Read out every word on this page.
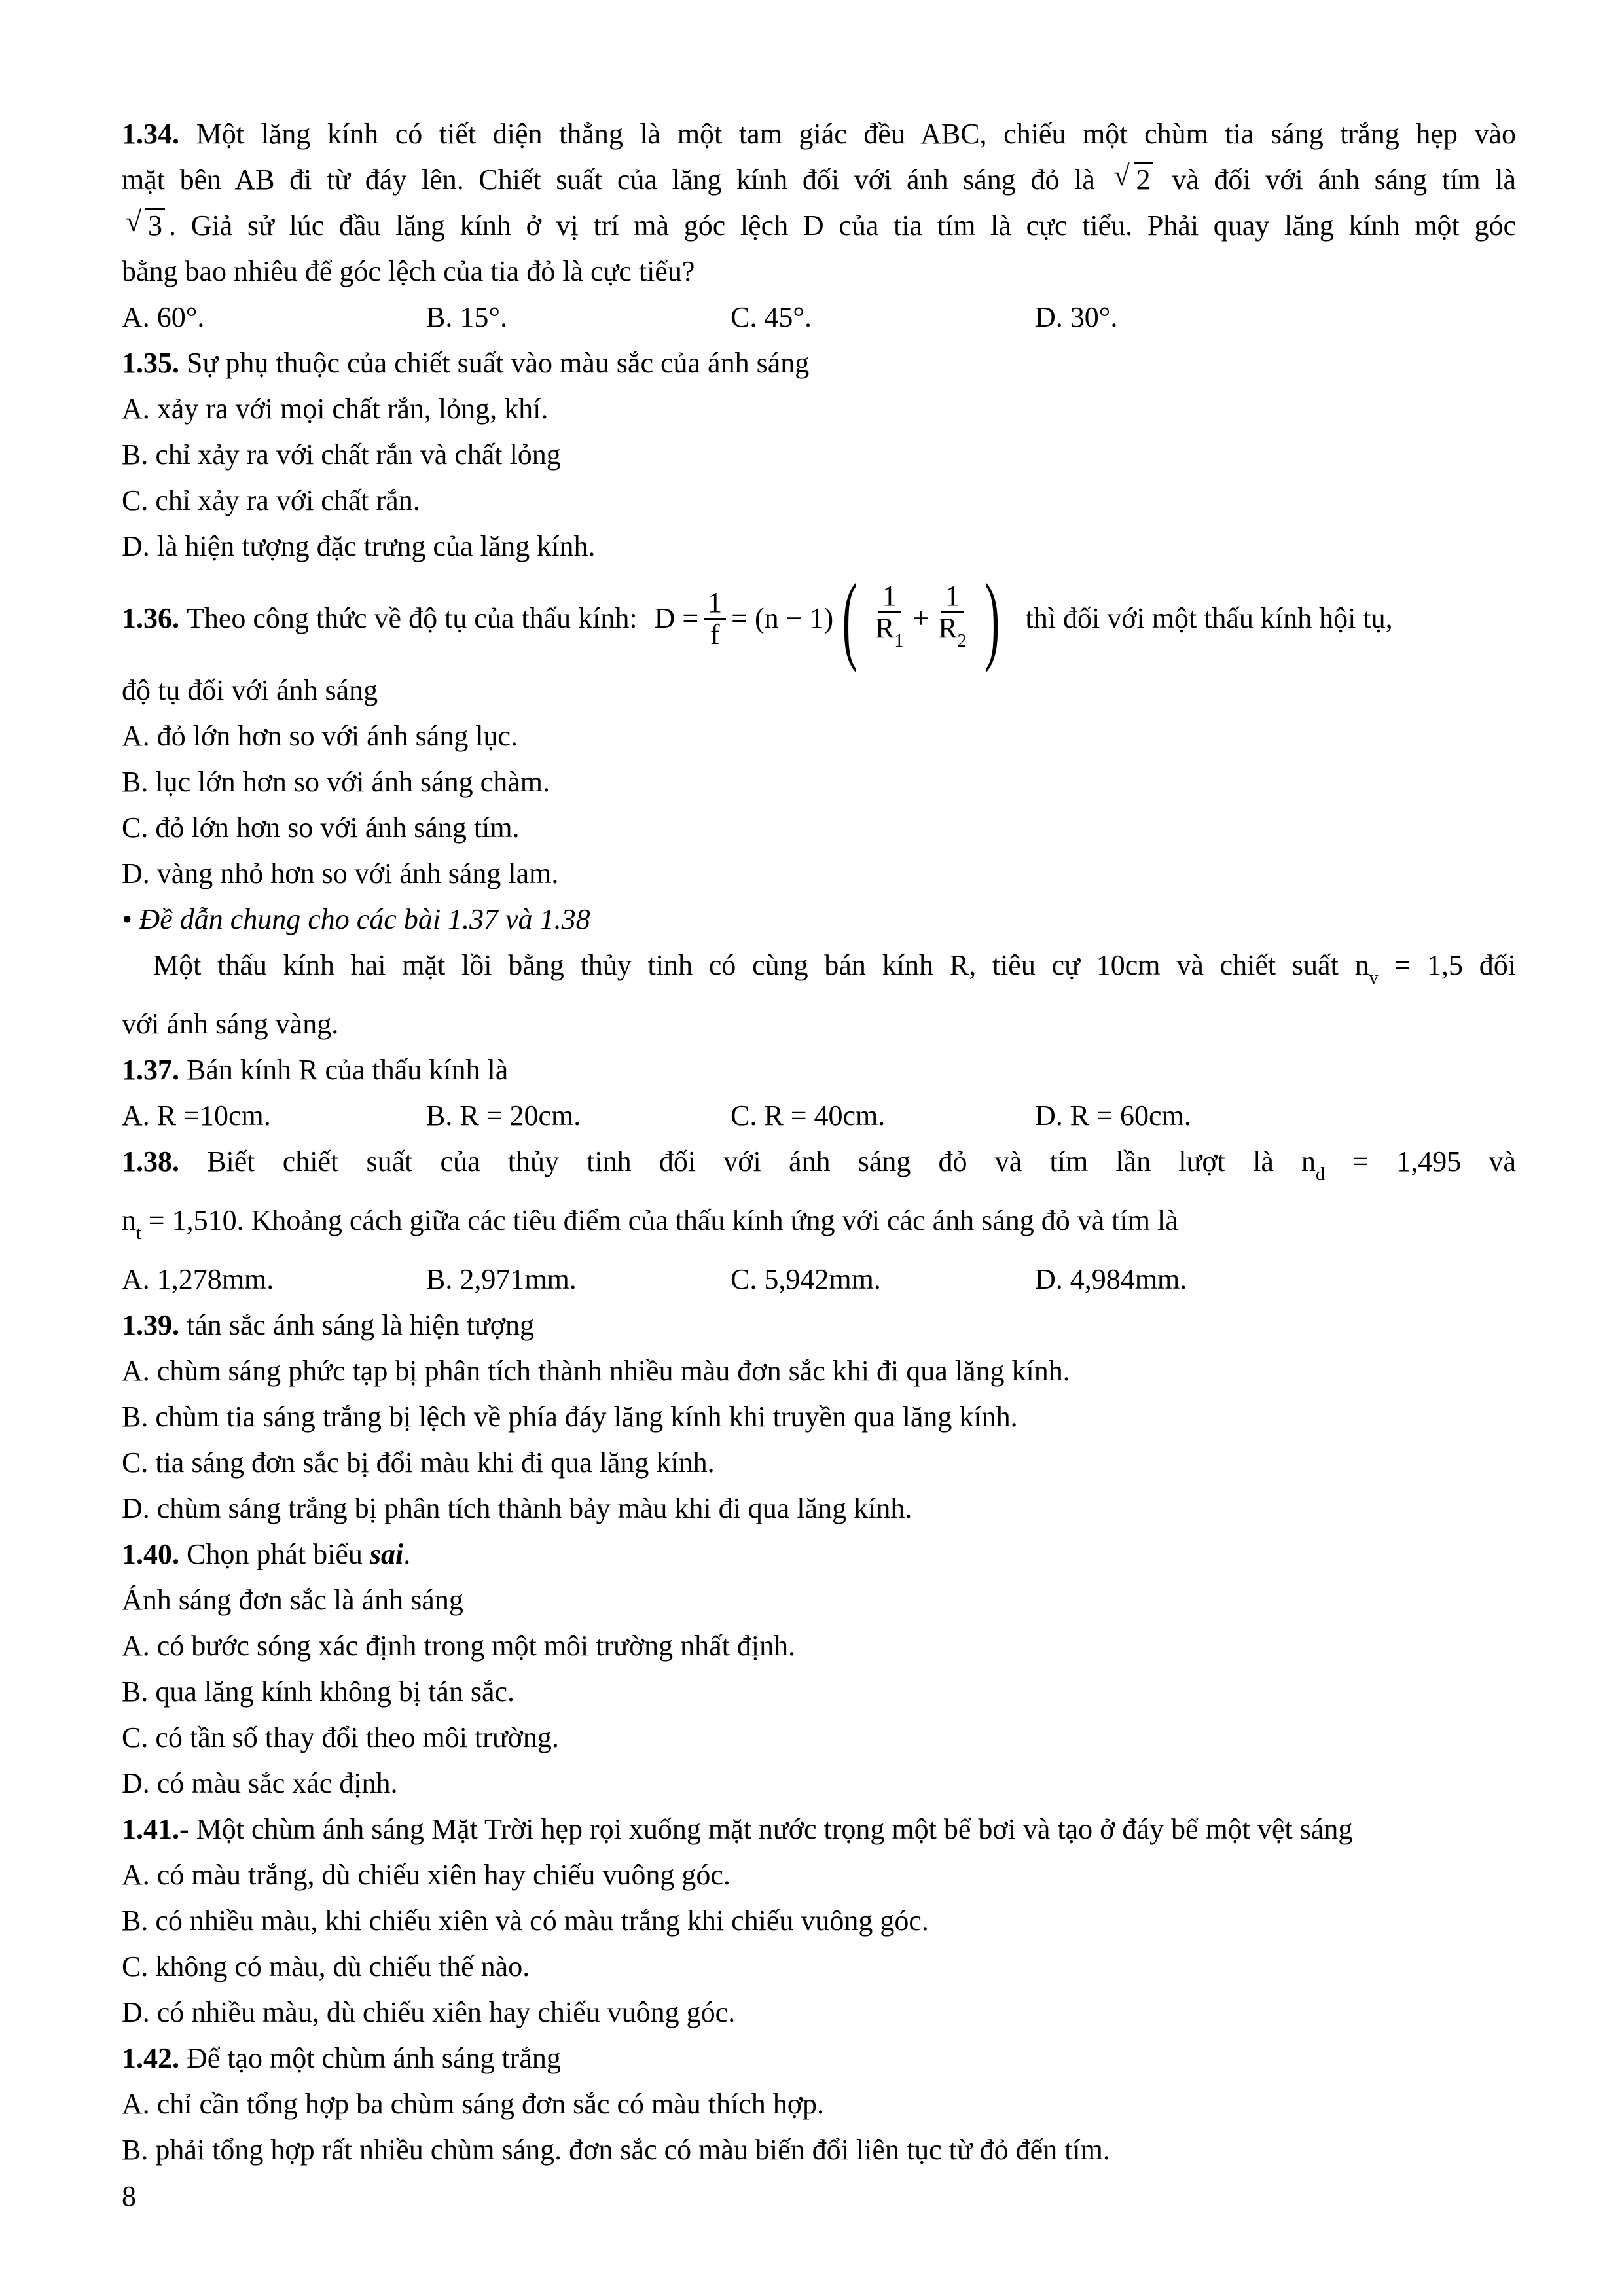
1.34. Một lăng kính có tiết diện thẳng là một tam giác đều ABC, chiếu một chùm tia sáng trắng hẹp vào

mặt bên AB đi từ đáy lên. Chiết suất của lăng kính đối với ánh sáng đỏ là √ 2 và đối với ánh sáng tím là

√ 3 . Giả sử lúc đầu lăng kính ở vị trí mà góc lệch D của tia tím là cực tiểu. Phải quay lăng kính một góc

bằng bao nhiêu để góc lệch của tia đỏ là cực tiểu?

A. 60°.	B. 15°.	C. 45°.	D. 30°.

1.35. Sự phụ thuộc của chiết suất vào màu sắc của ánh sáng

A. xảy ra với mọi chất rắn, lỏng, khí.

B. chỉ xảy ra với chất rắn và chất lỏng

C. chỉ xảy ra với chất rắn.

D. là hiện tượng đặc trưng của lăng kính.

1.36.
Theo công thức về độ tụ của thấu kính: $D = \frac{1}{f} = (n - 1)$ ( $\frac{1}{R_1} + \frac{1}{R_2}$ ) thì đối với một thấu kính hội tụ,

độ tụ đối với ánh sáng

A. đỏ lớn hơn so với ánh sáng lục.

B. lục lớn hơn so với ánh sáng chàm.

C. đỏ lớn hơn so với ánh sáng tím.

D. vàng nhỏ hơn so với ánh sáng lam.

• Đề dẫn chung cho các bài 1.37 và 1.38

Một thấu kính hai mặt lồi bằng thủy tinh có cùng bán kính R, tiêu cự 10cm và chiết suất $n_v = 1,5$ đối

với ánh sáng vàng.

1.37. Bán kính R của thấu kính là

A. R =10cm.	B. R = 20cm.	C. R = 40cm.	D. R = 60cm.

1.38. Biết chiết suất của thủy tinh đối với ánh sáng đỏ và tím lần lượt là $n_d = 1,495$ và

$n_t = 1,510$. Khoảng cách giữa các tiêu điểm của thấu kính ứng với các ánh sáng đỏ và tím là

A. 1,278mm.	B. 2,971mm.	C. 5,942mm.	D. 4,984mm.

1.39. tán sắc ánh sáng là hiện tượng

A. chùm sáng phức tạp bị phân tích thành nhiều màu đơn sắc khi đi qua lăng kính.

B. chùm tia sáng trắng bị lệch về phía đáy lăng kính khi truyền qua lăng kính.

C. tia sáng đơn sắc bị đổi màu khi đi qua lăng kính.

D. chùm sáng trắng bị phân tích thành bảy màu khi đi qua lăng kính.

1.40. Chọn phát biểu sai.

Ánh sáng đơn sắc là ánh sáng

A. có bước sóng xác định trong một môi trường nhất định.

B. qua lăng kính không bị tán sắc.

C. có tần số thay đổi theo môi trường.

D. có màu sắc xác định.

1.41.- Một chùm ánh sáng Mặt Trời hẹp rọi xuống mặt nước trọng một bể bơi và tạo ở đáy bể một vệt sáng

A. có màu trắng, dù chiếu xiên hay chiếu vuông góc.

B. có nhiều màu, khi chiếu xiên và có màu trắng khi chiếu vuông góc.

C. không có màu, dù chiếu thế nào.

D. có nhiều màu, dù chiếu xiên hay chiếu vuông góc.

1.42. Để tạo một chùm ánh sáng trắng

A. chỉ cần tổng hợp ba chùm sáng đơn sắc có màu thích hợp.

B. phải tổng hợp rất nhiều chùm sáng. đơn sắc có màu biến đổi liên tục từ đỏ đến tím.

8
